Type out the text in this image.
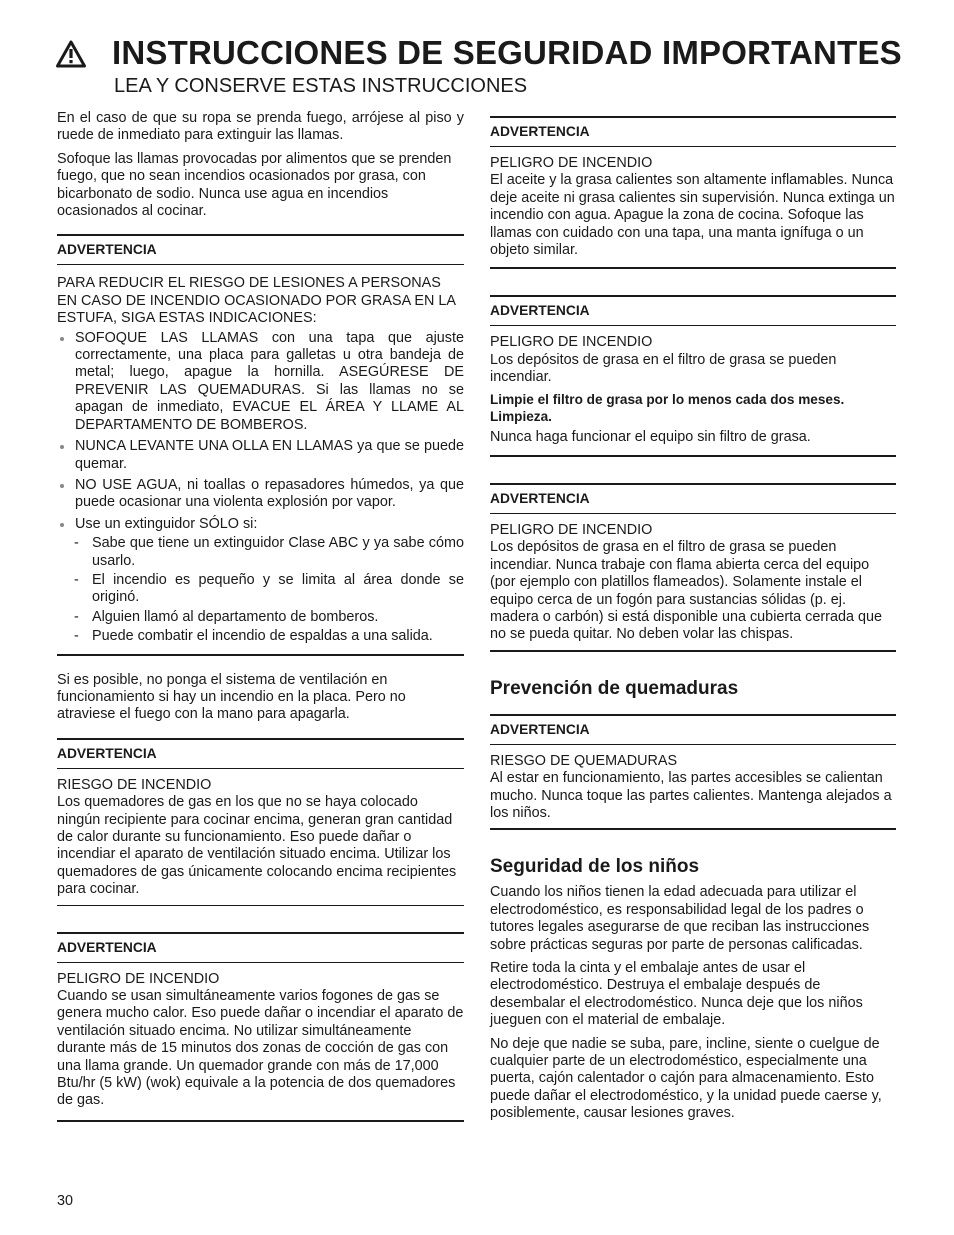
INSTRUCCIONES DE SEGURIDAD IMPORTANTES
LEA Y CONSERVE ESTAS INSTRUCCIONES

En el caso de que su ropa se prenda fuego, arrójese al piso y ruede de inmediato para extinguir las llamas.

Sofoque las llamas provocadas por alimentos que se prenden fuego, que no sean incendios ocasionados por grasa, con bicarbonato de sodio. Nunca use agua en incendios ocasionados al cocinar.

ADVERTENCIA

PARA REDUCIR EL RIESGO DE LESIONES A PERSONAS EN CASO DE INCENDIO OCASIONADO POR GRASA EN LA ESTUFA, SIGA ESTAS INDICACIONES:

SOFOQUE LAS LLAMAS con una tapa que ajuste correctamente, una placa para galletas u otra bandeja de metal; luego, apague la hornilla. ASEGÚRESE DE PREVENIR LAS QUEMADURAS. Si las llamas no se apagan de inmediato, EVACUE EL ÁREA Y LLAME AL DEPARTAMENTO DE BOMBEROS.
NUNCA LEVANTE UNA OLLA EN LLAMAS ya que se puede quemar.
NO USE AGUA, ni toallas o repasadores húmedos, ya que puede ocasionar una violenta explosión por vapor.
Use un extinguidor SÓLO si:
- Sabe que tiene un extinguidor Clase ABC y ya sabe cómo usarlo.
- El incendio es pequeño y se limita al área donde se originó.
- Alguien llamó al departamento de bomberos.
- Puede combatir el incendio de espaldas a una salida.

Si es posible, no ponga el sistema de ventilación en funcionamiento si hay un incendio en la placa. Pero no atraviese el fuego con la mano para apagarla.

ADVERTENCIA

RIESGO DE INCENDIO

Los quemadores de gas en los que no se haya colocado ningún recipiente para cocinar encima, generan gran cantidad de calor durante su funcionamiento. Eso puede dañar o incendiar el aparato de ventilación situado encima. Utilizar los quemadores de gas únicamente colocando encima recipientes para cocinar.

ADVERTENCIA

PELIGRO DE INCENDIO

Cuando se usan simultáneamente varios fogones de gas se genera mucho calor. Eso puede dañar o incendiar el aparato de ventilación situado encima. No utilizar simultáneamente durante más de 15 minutos dos zonas de cocción de gas con una llama grande. Un quemador grande con más de 17,000 Btu/hr (5 kW) (wok) equivale a la potencia de dos quemadores de gas.

ADVERTENCIA

PELIGRO DE INCENDIO

El aceite y la grasa calientes son altamente inflamables. Nunca deje aceite ni grasa calientes sin supervisión. Nunca extinga un incendio con agua. Apague la zona de cocina. Sofoque las llamas con cuidado con una tapa, una manta ignífuga o un objeto similar.

ADVERTENCIA

PELIGRO DE INCENDIO

Los depósitos de grasa en el filtro de grasa se pueden incendiar.

Limpie el filtro de grasa por lo menos cada dos meses. Limpieza.

Nunca haga funcionar el equipo sin filtro de grasa.

ADVERTENCIA

PELIGRO DE INCENDIO

Los depósitos de grasa en el filtro de grasa se pueden incendiar. Nunca trabaje con flama abierta cerca del equipo (por ejemplo con platillos flameados). Solamente instale el equipo cerca de un fogón para sustancias sólidas (p. ej. madera o carbón) si está disponible una cubierta cerrada que no se pueda quitar. No deben volar las chispas.

Prevención de quemaduras
ADVERTENCIA

RIESGO DE QUEMADURAS

Al estar en funcionamiento, las partes accesibles se calientan mucho. Nunca toque las partes calientes. Mantenga alejados a los niños.

Seguridad de los niños

Cuando los niños tienen la edad adecuada para utilizar el electrodoméstico, es responsabilidad legal de los padres o tutores legales asegurarse de que reciban las instrucciones sobre prácticas seguras por parte de personas calificadas.

Retire toda la cinta y el embalaje antes de usar el electrodoméstico. Destruya el embalaje después de desembalar el electrodoméstico. Nunca deje que los niños jueguen con el material de embalaje.

No deje que nadie se suba, pare, incline, siente o cuelgue de cualquier parte de un electrodoméstico, especialmente una puerta, cajón calentador o cajón para almacenamiento. Esto puede dañar el electrodoméstico, y la unidad puede caerse y, posiblemente, causar lesiones graves.

30
